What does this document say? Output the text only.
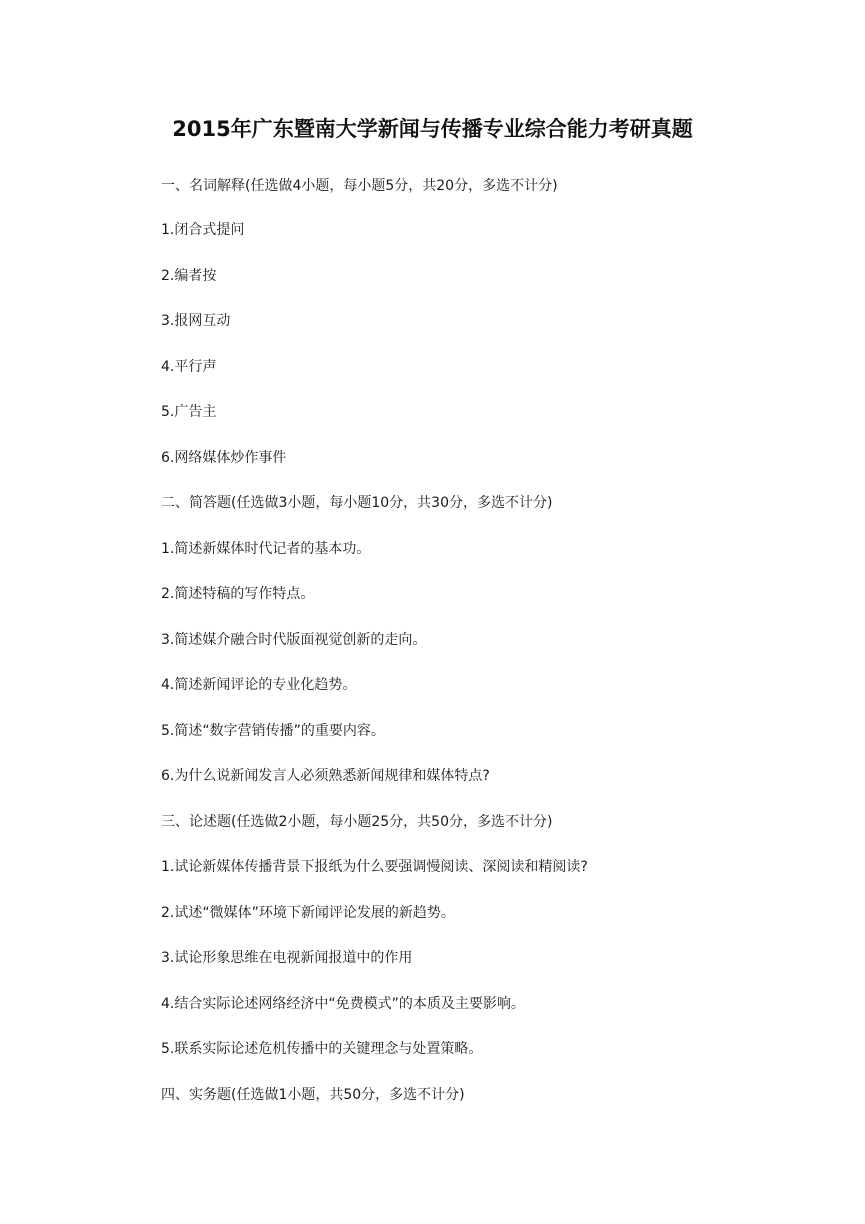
2015年广东暨南大学新闻与传播专业综合能力考研真题
一、名词解释(任选做4小题，每小题5分，共20分，多选不计分)
1.闭合式提问
2.编者按
3.报网互动
4.平行声
5.广告主
6.网络媒体炒作事件
二、简答题(任选做3小题，每小题10分，共30分，多选不计分)
1.简述新媒体时代记者的基本功。
2.简述特稿的写作特点。
3.简述媒介融合时代版面视觉创新的走向。
4.简述新闻评论的专业化趋势。
5.简述“数字营销传播”的重要内容。
6.为什么说新闻发言人必须熟悉新闻规律和媒体特点?
三、论述题(任选做2小题，每小题25分，共50分，多选不计分)
1.试论新媒体传播背景下报纸为什么要强调慢阅读、深阅读和精阅读?
2.试述“微媒体”环境下新闻评论发展的新趋势。
3.试论形象思维在电视新闻报道中的作用
4.结合实际论述网络经济中“免费模式”的本质及主要影响。
5.联系实际论述危机传播中的关键理念与处置策略。
四、实务题(任选做1小题，共50分，多选不计分)
